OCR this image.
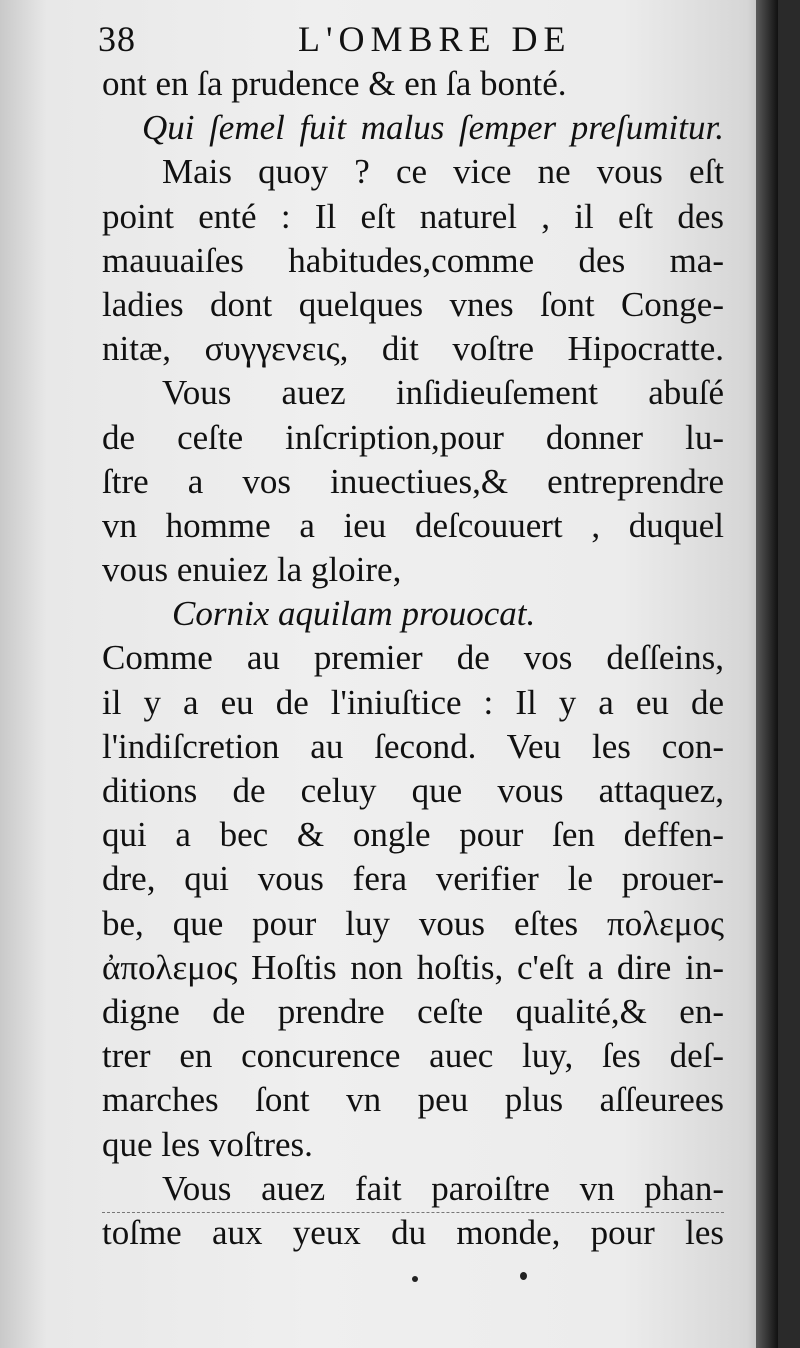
38	L'OMBRE DE
ont en ſa prudence & en ſa bonté.
Qui ſemel fuit malus ſemper preſumitur.
Mais quoy ? ce vice ne vous eſt
point enté : Il eſt naturel , il eſt des
mauuaiſes habitudes,comme des ma-
ladies dont quelques vnes ſont Conge-
nitæ, συγγενεις, dit voſtre Hipocratte.
Vous auez inſidieuſement abuſé
de ceſte inſcription,pour donner lu-
ſtre a vos inuectiues,& entreprendre
vn homme a ieu deſcouuert , duquel
vous enuiez la gloire,
Cornix aquilam prouocat.
Comme au premier de vos deſſeins,
il y a eu de l'iniuſtice : Il y a eu de
l'indiſcretion au ſecond. Veu les con-
ditions de celuy que vous attaquez,
qui a bec & ongle pour ſen deffen-
dre, qui vous fera verifier le prouer-
be, que pour luy vous eſtes πολεμος
ἀπολεμος Hoſtis non hoſtis, c'eſt a dire in-
digne de prendre ceſte qualité,& en-
trer en concurence auec luy, ſes deſ-
marches ſont vn peu plus aſſeurees
que les voſtres.
Vous auez fait paroiſtre vn phan-
toſme aux yeux du monde, pour les
